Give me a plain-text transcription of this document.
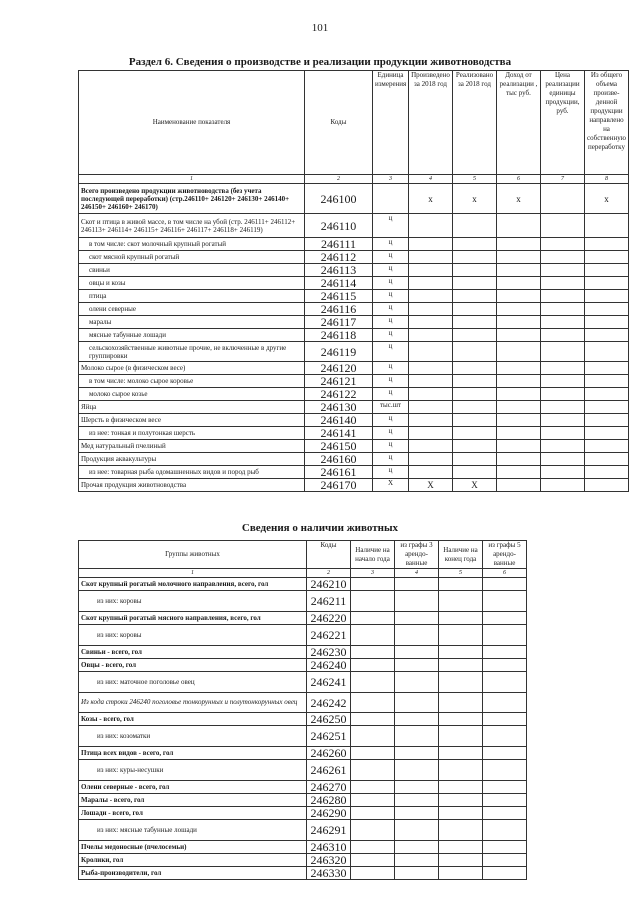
101
Раздел 6. Сведения о производстве и реализации продукции животноводства
Наименование показателя	Коды	Единица измерения	Произведено за 2018 год	Реализовано за 2018 год	Доход от реализации , тыс руб.	Цена реализации единицы продукции, руб.	Из общего объема произве- денной продукции направлено на собственную переработку
1	2	3	4	5	6	7	8
Всего произведено продукции животноводства (без учета последующей переработки) (стр.246110+ 246120+ 246130+ 246140+ 246150+ 246160+ 246170)	246100		x	x	x		x
Скот и птица в живой массе, в том числе на убой (стр. 246111+ 246112+ 246113+ 246114+ 246115+ 246116+ 246117+ 246118+ 246119)	246110	ц					
в том числе: скот молочный крупный рогатый	246111	ц					
скот мясной крупный рогатый	246112	ц					
свиньи	246113	ц					
овцы и козы	246114	ц					
птица	246115	ц					
олени северные	246116	ц					
маралы	246117	ц					
мясные табунные лошади	246118	ц					
сельскохозяйственные животные прочие, не включенные в другие группировки	246119	ц					
Молоко сырое (в физическом весе)	246120	ц					
в том числе: молоко сырое коровье	246121	ц					
молоко сырое козье	246122	ц					
Яйца	246130	тыс.шт					
Шерсть в физическом весе	246140	ц					
из нее: тонкая и полутонкая шерсть	246141	ц					
Мед натуральный пчелиный	246150	ц					
Продукция аквакультуры	246160	ц					
из нее: товарная рыба одомашненных видов и пород рыб	246161	ц					
Прочая продукция животноводства	246170	X	X	X			
Сведения о наличии животных
Группы животных	Коды	Наличие на начало года	из графы 3 арендо- ванные	Наличие на конец года	из графы 5 арендо- ванные
1	2	3	4	5	6
Скот крупный рогатый молочного направления, всего, гол	246210				
из них: коровы	246211				
Скот крупный рогатый мясного направления, всего, гол	246220				
из них: коровы	246221				
Свиньи - всего, гол	246230				
Овцы - всего, гол	246240				
из них: маточное поголовье овец	246241				
Из кода строки 246240 поголовье тонкорунных и полутонкорунных овец	246242				
Козы - всего, гол	246250				
из них: козоматки	246251				
Птица всех видов - всего, гол	246260				
из них: куры-несушки	246261				
Олени северные - всего, гол	246270				
Маралы - всего, гол	246280				
Лошади - всего, гол	246290				
из них: мясные табунные лошади	246291				
Пчелы медоносные (пчелосемьи)	246310				
Кролики, гол	246320				
Рыба-производители, гол	246330				
